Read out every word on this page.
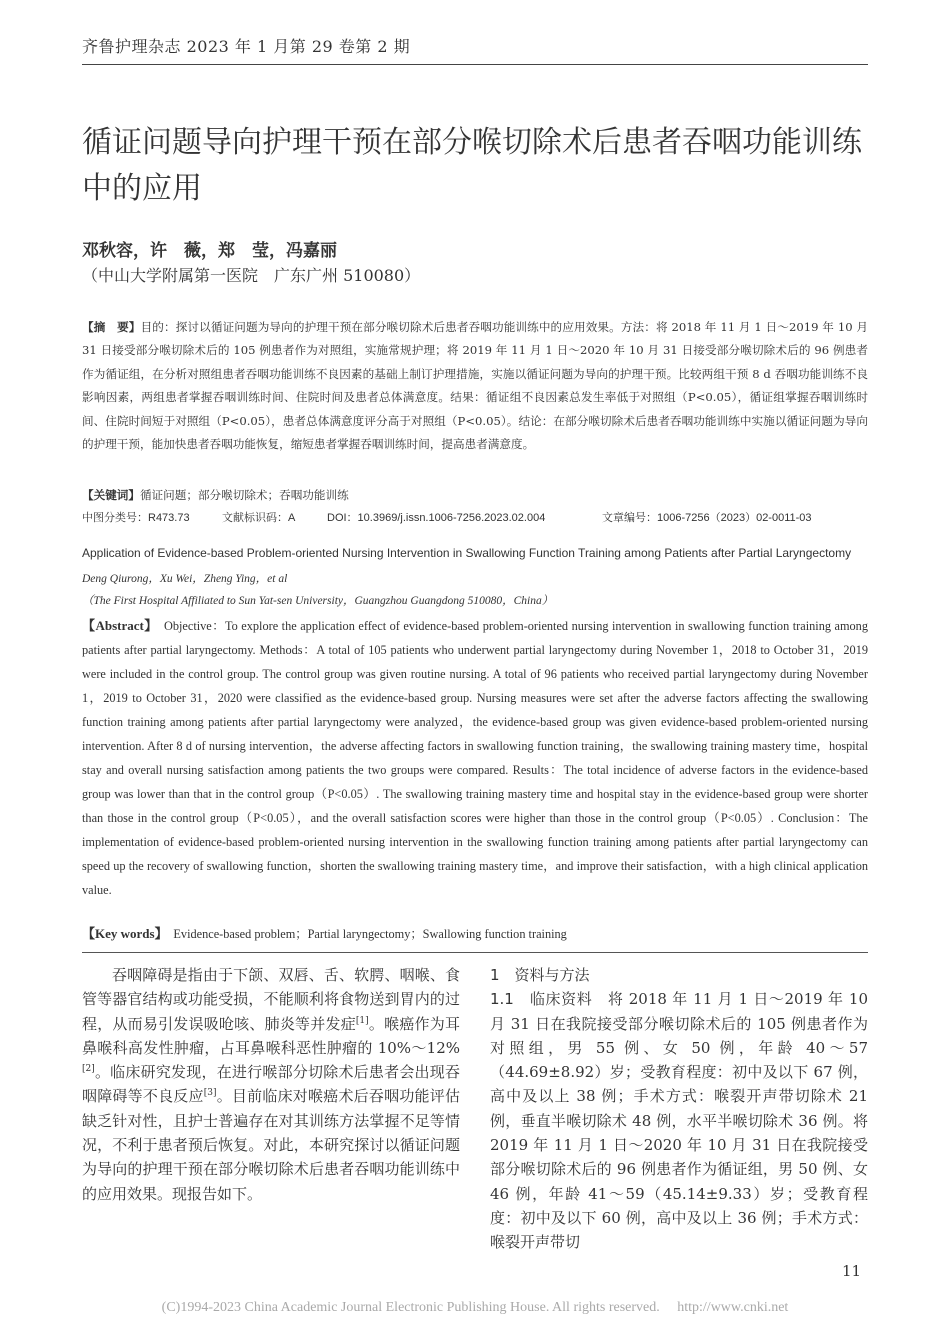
齐鲁护理杂志 2023 年 1 月第 29 卷第 2 期
循证问题导向护理干预在部分喉切除术后患者吞咽功能训练中的应用
邓秋容，许　薇，郑　莹，冯嘉丽
（中山大学附属第一医院　广东广州 510080）
【摘　要】目的：探讨以循证问题为导向的护理干预在部分喉切除术后患者吞咽功能训练中的应用效果。方法：将 2018 年 11 月 1 日～2019 年 10 月 31 日接受部分喉切除术后的 105 例患者作为对照组，实施常规护理；将 2019 年 11 月 1 日～2020 年 10 月 31 日接受部分喉切除术后的 96 例患者作为循证组，在分析对照组患者吞咽功能训练不良因素的基础上制订护理措施，实施以循证问题为导向的护理干预。比较两组干预 8 d 吞咽功能训练不良影响因素，两组患者掌握吞咽训练时间、住院时间及患者总体满意度。结果：循证组不良因素总发生率低于对照组（P<0.05），循证组掌握吞咽训练时间、住院时间短于对照组（P<0.05），患者总体满意度评分高于对照组（P<0.05）。结论：在部分喉切除术后患者吞咽功能训练中实施以循证问题为导向的护理干预，能加快患者吞咽功能恢复，缩短患者掌握吞咽训练时间，提高患者满意度。
【关键词】循证问题；部分喉切除术；吞咽功能训练
中图分类号：R473.73	文献标识码：A	DOI：10.3969/j.issn.1006-7256.2023.02.004	文章编号：1006-7256（2023）02-0011-03
Application of Evidence-based Problem-oriented Nursing Intervention in Swallowing Function Training among Patients after Partial Laryngectomy
Deng Qiurong，Xu Wei，Zheng Ying，et al
（The First Hospital Affiliated to Sun Yat-sen University，Guangzhou Guangdong 510080，China）
【Abstract】　 Objective：To explore the application effect of evidence-based problem-oriented nursing intervention in swallowing function training among patients after partial laryngectomy. Methods：A total of 105 patients who underwent partial laryngectomy during November 1，2018 to October 31，2019 were included in the control group. The control group was given routine nursing. A total of 96 patients who received partial laryngectomy during November 1，2019 to October 31，2020 were classified as the evidence-based group. Nursing measures were set after the adverse factors affecting the swallowing function training among patients after partial laryngectomy were analyzed，the evidence-based group was given evidence-based problem-oriented nursing intervention. After 8 d of nursing intervention，the adverse affecting factors in swallowing function training，the swallowing training mastery time，hospital stay and overall nursing satisfaction among patients the two groups were compared. Results：The total incidence of adverse factors in the evidence-based group was lower than that in the control group（P<0.05）. The swallowing training mastery time and hospital stay in the evidence-based group were shorter than those in the control group（P<0.05），and the overall satisfaction scores were higher than those in the control group（P<0.05）. Conclusion：The implementation of evidence-based problem-oriented nursing intervention in the swallowing function training among patients after partial laryngectomy can speed up the recovery of swallowing function，shorten the swallowing training mastery time，and improve their satisfaction，with a high clinical application value.
【Key words】　 Evidence-based problem；Partial laryngectomy；Swallowing function training

吞咽障碍是指由于下颌、双唇、舌、软腭、咽喉、食管等器官结构或功能受损，不能顺利将食物送到胃内的过程，从而易引发误吸呛咳、肺炎等并发症[1]。喉癌作为耳鼻喉科高发性肿瘤，占耳鼻喉科恶性肿瘤的 10%～12%[2]。临床研究发现，在进行喉部分切除术后患者会出现吞咽障碍等不良反应[3]。目前临床对喉癌术后吞咽功能评估缺乏针对性，且护士普遍存在对其训练方法掌握不足等情况，不利于患者预后恢复。对此，本研究探讨以循证问题为导向的护理干预在部分喉切除术后患者吞咽功能训练中的应用效果。现报告如下。

1　资料与方法

1.1　临床资料　 将 2018 年 11 月 1 日～2019 年 10 月 31 日在我院接受部分喉切除术后的 105 例患者作为对照组，男 55 例、女 50 例，年龄 40～57（44.69±8.92）岁；受教育程度：初中及以下 67 例，高中及以上 38 例；手术方式：喉裂开声带切除术 21 例，垂直半喉切除术 48 例，水平半喉切除术 36 例。将 2019 年 11 月 1 日～2020 年 10 月 31 日在我院接受部分喉切除术后的 96 例患者作为循证组，男 50 例、女 46 例，年龄 41～59（45.14±9.33）岁；受教育程度：初中及以下 60 例，高中及以上 36 例；手术方式：喉裂开声带切

11
(C)1994-2023 China Academic Journal Electronic Publishing House. All rights reserved.　 http://www.cnki.net
